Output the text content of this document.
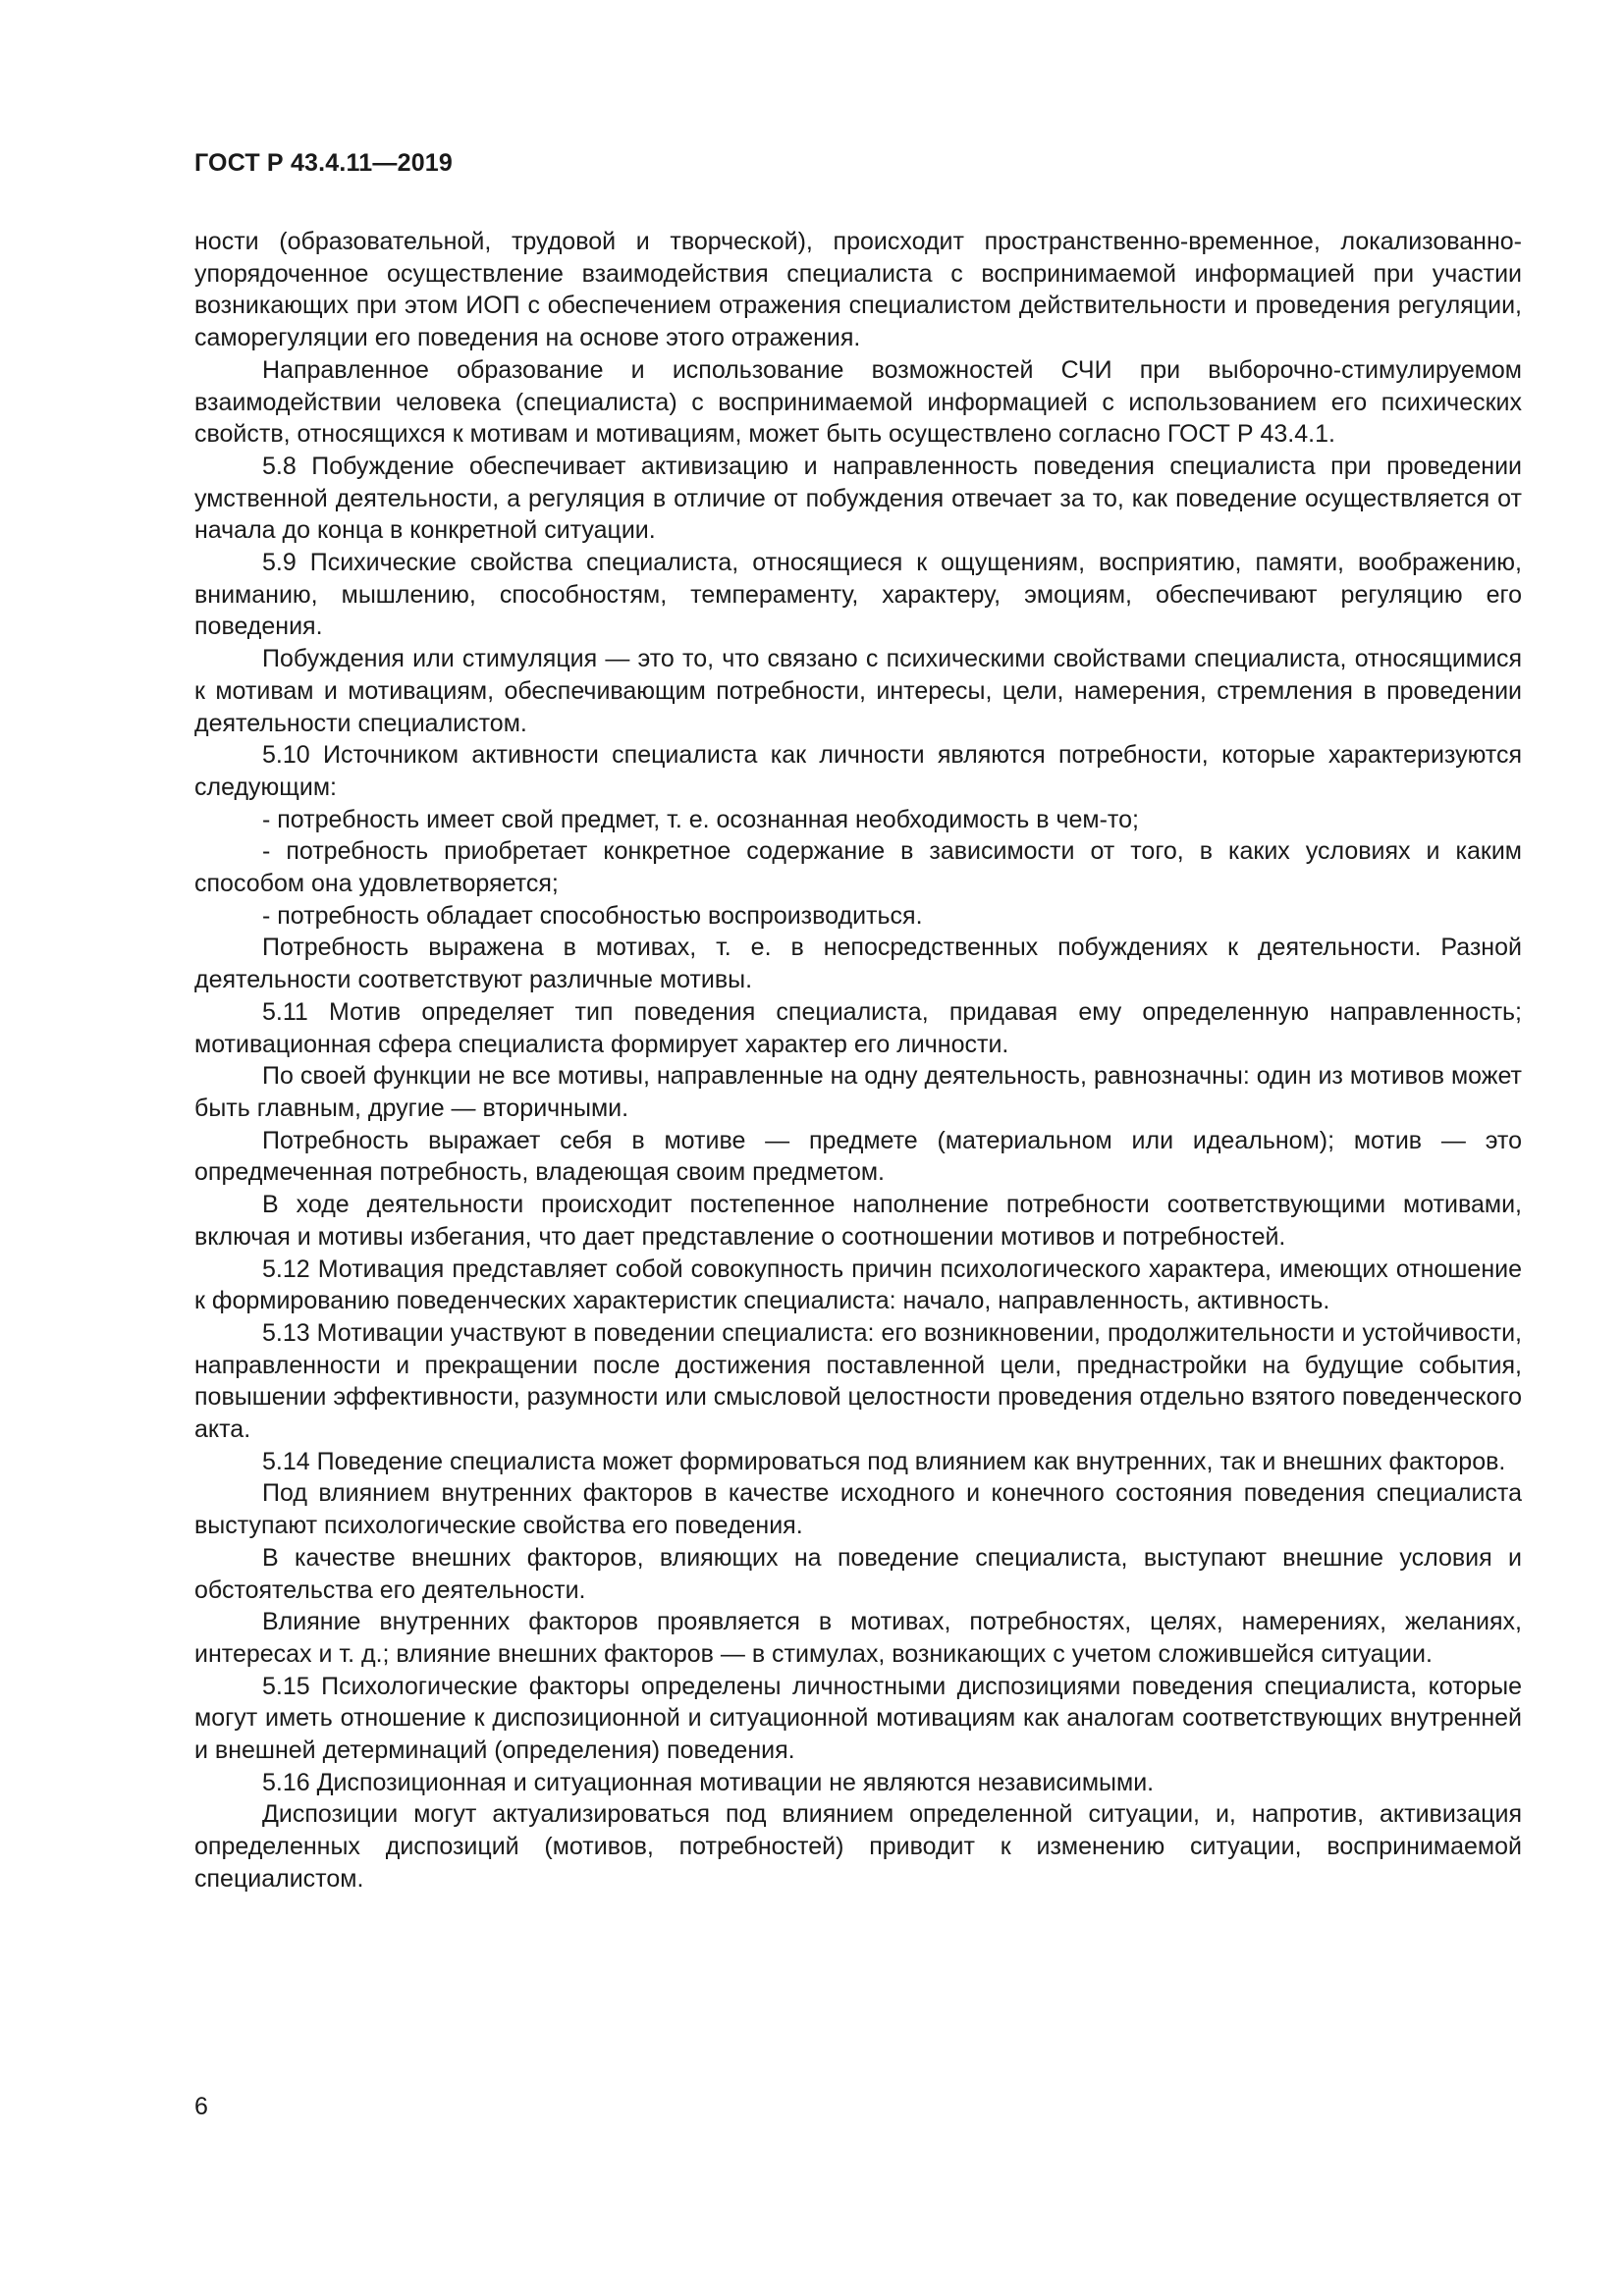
ГОСТ Р 43.4.11—2019

ности (образовательной, трудовой и творческой), происходит пространственно-временное, локализованно-упорядоченное осуществление взаимодействия специалиста с воспринимаемой информацией при участии возникающих при этом ИОП с обеспечением отражения специалистом действительности и проведения регуляции, саморегуляции его поведения на основе этого отражения.

Направленное образование и использование возможностей СЧИ при выборочно-стимулируемом взаимодействии человека (специалиста) с воспринимаемой информацией с использованием его психических свойств, относящихся к мотивам и мотивациям, может быть осуществлено согласно ГОСТ Р 43.4.1.

5.8 Побуждение обеспечивает активизацию и направленность поведения специалиста при проведении умственной деятельности, а регуляция в отличие от побуждения отвечает за то, как поведение осуществляется от начала до конца в конкретной ситуации.

5.9 Психические свойства специалиста, относящиеся к ощущениям, восприятию, памяти, воображению, вниманию, мышлению, способностям, темпераменту, характеру, эмоциям, обеспечивают регуляцию его поведения.

Побуждения или стимуляция — это то, что связано с психическими свойствами специалиста, относящимися к мотивам и мотивациям, обеспечивающим потребности, интересы, цели, намерения, стремления в проведении деятельности специалистом.

5.10 Источником активности специалиста как личности являются потребности, которые характеризуются следующим:

- потребность имеет свой предмет, т. е. осознанная необходимость в чем-то;

- потребность приобретает конкретное содержание в зависимости от того, в каких условиях и каким способом она удовлетворяется;

- потребность обладает способностью воспроизводиться.

Потребность выражена в мотивах, т. е. в непосредственных побуждениях к деятельности. Разной деятельности соответствуют различные мотивы.

5.11 Мотив определяет тип поведения специалиста, придавая ему определенную направленность; мотивационная сфера специалиста формирует характер его личности.

По своей функции не все мотивы, направленные на одну деятельность, равнозначны: один из мотивов может быть главным, другие — вторичными.

Потребность выражает себя в мотиве — предмете (материальном или идеальном); мотив — это опредмеченная потребность, владеющая своим предметом.

В ходе деятельности происходит постепенное наполнение потребности соответствующими мотивами, включая и мотивы избегания, что дает представление о соотношении мотивов и потребностей.

5.12 Мотивация представляет собой совокупность причин психологического характера, имеющих отношение к формированию поведенческих характеристик специалиста: начало, направленность, активность.

5.13 Мотивации участвуют в поведении специалиста: его возникновении, продолжительности и устойчивости, направленности и прекращении после достижения поставленной цели, преднастройки на будущие события, повышении эффективности, разумности или смысловой целостности проведения отдельно взятого поведенческого акта.

5.14 Поведение специалиста может формироваться под влиянием как внутренних, так и внешних факторов.

Под влиянием внутренних факторов в качестве исходного и конечного состояния поведения специалиста выступают психологические свойства его поведения.

В качестве внешних факторов, влияющих на поведение специалиста, выступают внешние условия и обстоятельства его деятельности.

Влияние внутренних факторов проявляется в мотивах, потребностях, целях, намерениях, желаниях, интересах и т. д.; влияние внешних факторов — в стимулах, возникающих с учетом сложившейся ситуации.

5.15 Психологические факторы определены личностными диспозициями поведения специалиста, которые могут иметь отношение к диспозиционной и ситуационной мотивациям как аналогам соответствующих внутренней и внешней детерминаций (определения) поведения.

5.16 Диспозиционная и ситуационная мотивации не являются независимыми.

Диспозиции могут актуализироваться под влиянием определенной ситуации, и, напротив, активизация определенных диспозиций (мотивов, потребностей) приводит к изменению ситуации, воспринимаемой специалистом.

6
